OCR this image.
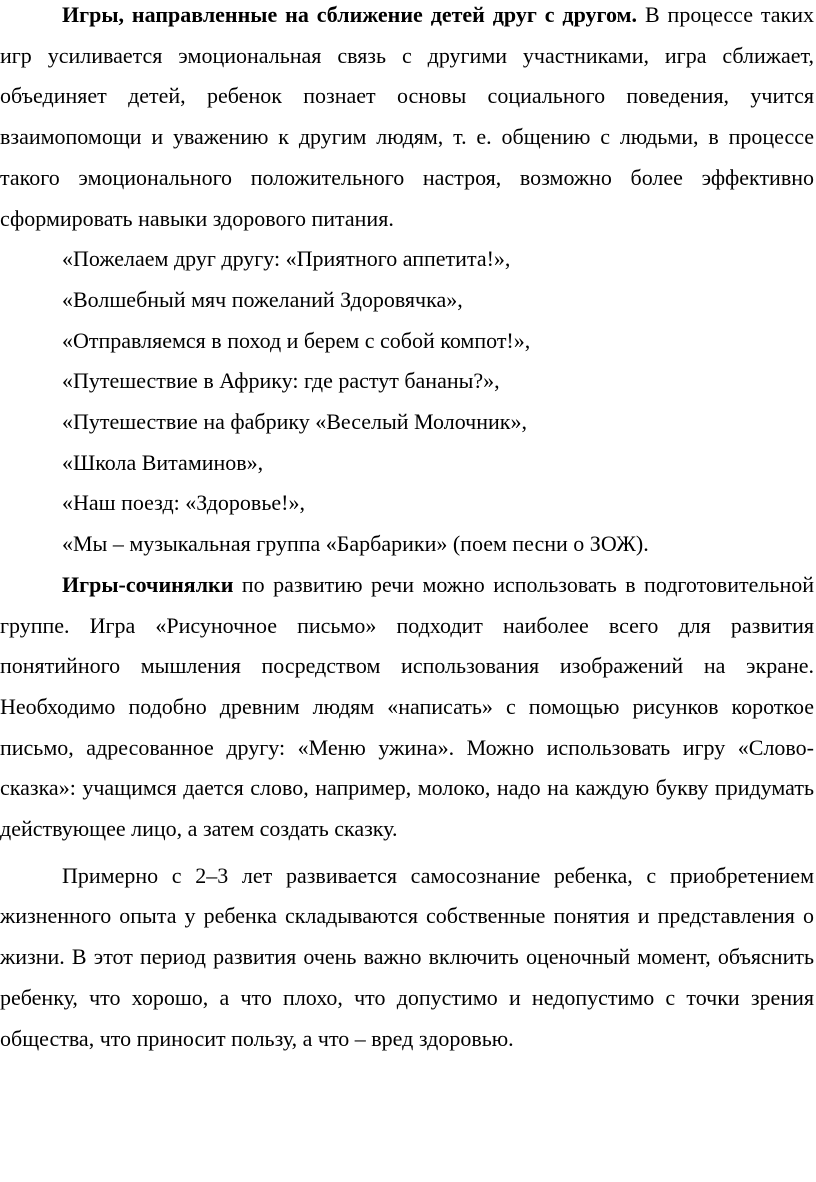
Игры, направленные на сближение детей друг с другом. В процессе таких игр усиливается эмоциональная связь с другими участниками, игра сближает, объединяет детей, ребенок познает основы социального поведения, учится взаимопомощи и уважению к другим людям, т. е. общению с людьми, в процессе такого эмоционального положительного настроя, возможно более эффективно сформировать навыки здорового питания.

«Пожелаем друг другу: «Приятного аппетита!»,
«Волшебный мяч пожеланий Здоровячка»,
«Отправляемся в поход и берем с собой компот!»,
«Путешествие в Африку: где растут бананы?»,
«Путешествие на фабрику «Веселый Молочник»,
«Школа Витаминов»,
«Наш поезд: «Здоровье!»,
«Мы – музыкальная группа «Барбарики» (поем песни о ЗОЖ).

Игры-сочинялки по развитию речи можно использовать в подготовительной группе. Игра «Рисуночное письмо» подходит наиболее всего для развития понятийного мышления посредством использования изображений на экране. Необходимо подобно древним людям «написать» с помощью рисунков короткое письмо, адресованное другу: «Меню ужина». Можно использовать игру «Слово-сказка»: учащимся дается слово, например, молоко, надо на каждую букву придумать действующее лицо, а затем создать сказку.

Примерно с 2–3 лет развивается самосознание ребенка, с приобретением жизненного опыта у ребенка складываются собственные понятия и представления о жизни. В этот период развития очень важно включить оценочный момент, объяснить ребенку, что хорошо, а что плохо, что допустимо и недопустимо с точки зрения общества, что приносит пользу, а что – вред здоровью.
